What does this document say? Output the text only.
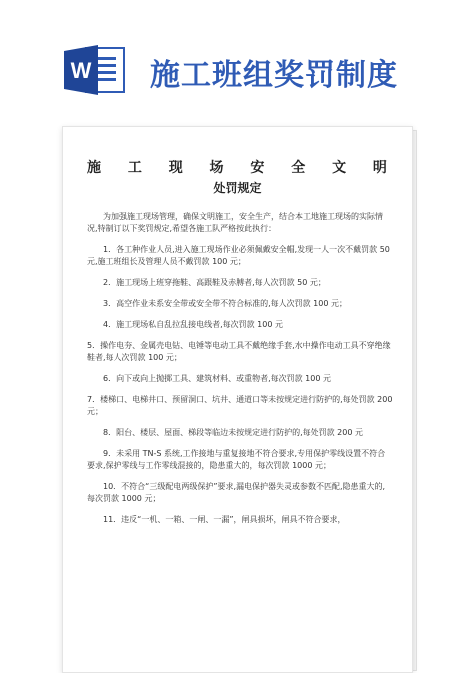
W 施工班组奖罚制度
施 工 现 场 安 全 文 明
处罚规定

为加强施工现场管理，确保文明施工，安全生产，结合本工地施工现场的实际情况,特制订以下奖罚规定,希望各施工队严格按此执行：

1．各工种作业人员,进入施工现场作业必须佩戴安全帽,发现一人一次不戴罚款 50 元,施工班组长及管理人员不戴罚款 100 元；

2．施工现场上班穿拖鞋、高跟鞋及赤膊者,每人次罚款 50 元；

3．高空作业未系安全带或安全带不符合标准的,每人次罚款 100 元；

4．施工现场私自乱拉乱接电线者,每次罚款 100 元

5．操作电夯、金属壳电钻、电锤等电动工具不戴绝缘手套,水中操作电动工具不穿绝缘鞋者,每人次罚款 100 元；

6．向下或向上抛掷工具、建筑材料、或重物者,每次罚款 100 元

7．楼梯口、电梯井口、预留洞口、坑井、通道口等未按规定进行防护的,每处罚款 200 元；

8．阳台、楼层、屋面、梯段等临边未按规定进行防护的,每处罚款 200 元

9．未采用 TN-S 系统,工作接地与重复接地不符合要求,专用保护零线设置不符合要求,保护零线与工作零线混接的，隐患重大的，每次罚款 1000 元；

10．不符合“三级配电两级保护”要求,漏电保护器失灵或参数不匹配,隐患重大的,每次罚款 1000 元；

11．违反“一机、一箱、一闸、一漏”，闸具损坏，闸具不符合要求，
